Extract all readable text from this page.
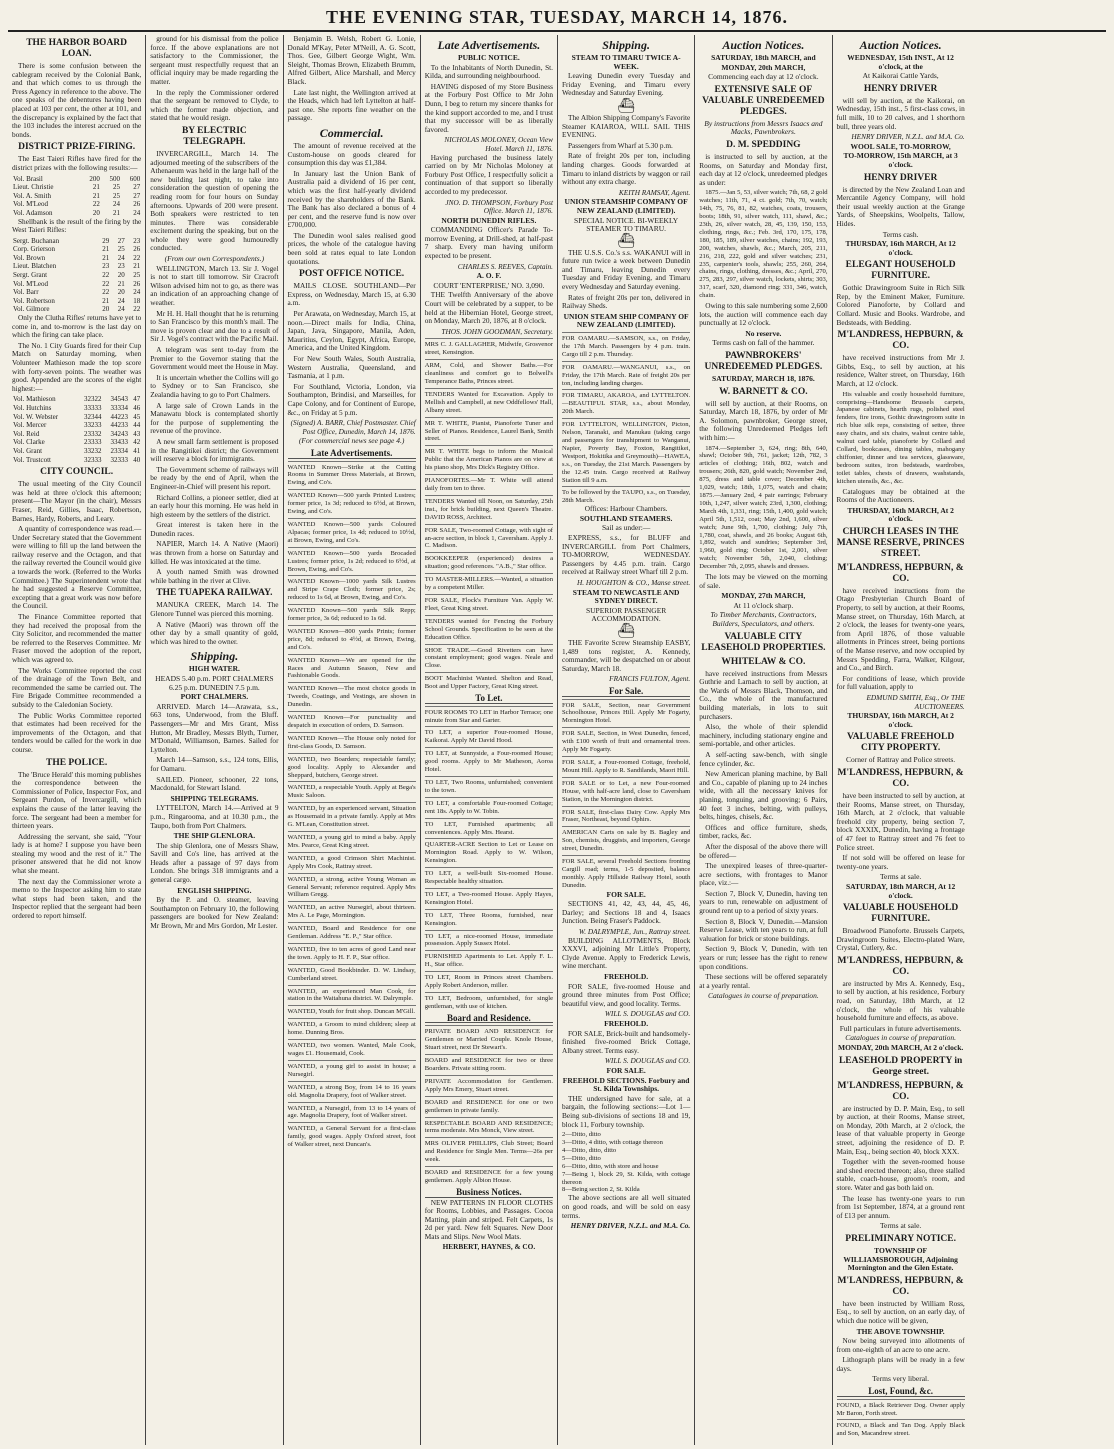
THE EVENING STAR, TUESDAY, MARCH 14, 1876.
THE HARBOR BOARD LOAN.

There is some confusion between the cablegram received by the Colonial Bank, and that which comes to us through the Press Agency in reference to the above. The one speaks of the debentures having been placed at 103 per cent, the other at 101, and the discrepancy is explained by the fact that the 103 includes the interest accrued on the bonds.

DISTRICT PRIZE-FIRING.

The East Taieri Rifles have fired for the district prizes with the following results:—

Vol. Brasil	200	500	600
Lieut. Christie	21	25	27
Vol. A. Smith	21	25	27
Vol. M'Leod	22	24	26
Vol. Adamson	20	21	24

Shellbank is the result of the firing by the West Taieri Rifles:

Sergt. Buchanan	29	27	23
Corp. Grierson	21	25	26
Vol. Brown	21	24	22
Lieut. Blatchen	23	23	21
Sergt. Grant	22	20	25
Vol. M'Leod	22	21	26
Vol. Barr	22	20	24
Vol. Robertson	21	24	18
Vol. Gilmore	20	24	22

Only the Clutha Rifles' returns have yet to come in, and to-morrow is the last day on which the firing can take place.

The No. 1 City Guards fired for their Cup Match on Saturday morning, when Volunteer Mathieson made the top score with forty-seven points. The weather was good. Appended are the scores of the eight highest:—

Vol. Mathieson	32322	34543	47
Vol. Hutchins	33333	33334	46
Vol. W. Webster	32344	44223	45
Vol. Mercer	33233	44233	44
Vol. Reid	23332	34243	43
Vol. Clarke	23333	33433	42
Vol. Grant	33232	23334	41
Vol. Trustcott	32333	32333	40
CITY COUNCIL.

The usual meeting of the City Council was held at three o'clock this afternoon; present—The Mayor (in the chair), Messrs Fraser, Reid, Gillies, Isaac, Robertson, Barnes, Hardy, Roberts, and Leary.

A quantity of correspondence was read.—Under Secretary stated that the Government were willing to fill up the land between the railway reserve and the Octagon, and that the railway reverted the Council would give a towards the work. (Referred to the Works Committee.) The Superintendent wrote that he had suggested a Reserve Committee, excepting that a great work was now before the Council.

The Finance Committee reported that they had received the proposal from the City Solicitor, and recommended the matter be referred to the Reserves Committee. Mr Fraser moved the adoption of the report, which was agreed to.

The Works Committee reported the cost of the drainage of the Town Belt, and recommended the same be carried out. The Fire Brigade Committee recommended a subsidy to the Caledonian Society.

The Public Works Committee reported that estimates had been received for the improvements of the Octagon, and that tenders would be called for the work in due course.

THE POLICE.

The 'Bruce Herald' this morning publishes the correspondence between the Commissioner of Police, Inspector Fox, and Sergeant Purdon, of Invercargill, which explains the cause of the latter leaving the force. The sergeant had been a member for thirteen years.

Addressing the servant, she said, "Your lady is at home? I suppose you have been stealing my wood and the rest of it." The prisoner answered that he did not know what she meant.

The next day the Commissioner wrote a memo to the Inspector asking him to state what steps had been taken, and the Inspector replied that the sergeant had been ordered to report himself.

ground for his dismissal from the police force. If the above explanations are not satisfactory to the Commissioner, the sergeant must respectfully request that an official inquiry may be made regarding the matter.

In the reply the Commissioner ordered that the sergeant be removed to Clyde, to which the former made objection, and stated that he would resign.

BY ELECTRIC TELEGRAPH.

INVERCARGILL, March 14. The adjourned meeting of the subscribers of the Athenaeum was held in the large hall of the new building last night, to take into consideration the question of opening the reading room for four hours on Sunday afternoons. Upwards of 200 were present. Both speakers were restricted to ten minutes. There was considerable excitement during the speaking, but on the whole they were good humouredly conducted.

(From our own Correspondents.)

WELLINGTON, March 13. Sir J. Vogel is not to start till tomorrow. Sir Cracroft Wilson advised him not to go, as there was an indication of an approaching change of weather.

Mr H. H. Hall thought that he is returning to San Francisco by this month's mail. The move is proven clear and due to a result of Sir J. Vogel's contract with the Pacific Mail.

A telegram was sent to-day from the Premier to the Governor stating that the Government would meet the House in May.

It is uncertain whether the Collins will go to Sydney or to San Francisco, she Zealandia having to go to Port Chalmers.

A large sale of Crown Lands in the Manawatu block is contemplated shortly for the purpose of supplementing the revenue of the province.

A new small farm settlement is proposed in the Rangitikei district; the Government will reserve a block for immigrants.

The Government scheme of railways will be ready by the end of April, when the Engineer-in-Chief will present his report.

Richard Collins, a pioneer settler, died at an early hour this morning. He was held in high esteem by the settlers of the district.

Great interest is taken here in the Dunedin races.

NAPIER, March 14. A Native (Maori) was thrown from a horse on Saturday and killed. He was intoxicated at the time.

A youth named Smith was drowned while bathing in the river at Clive.

THE TUAPEKA RAILWAY.

MANUKA CREEK, March 14. The Glenore Tunnel was pierced this morning.

A Native (Maori) was thrown off the other day by a small quantity of gold, which was hired to the owner.

Shipping.
HIGH WATER.
HEADS 5.40 p.m. PORT CHALMERS 6.25 p.m. DUNEDIN 7.5 p.m.
PORT CHALMERS.

ARRIVED. March 14—Arawata, s.s., 663 tons, Underwood, from the Bluff. Passengers—Mr and Mrs Grant, Miss Hutton, Mr Bradley, Messrs Blyth, Turner, M'Donald, Williamson, Barnes. Sailed for Lyttelton.

March 14—Samson, s.s., 124 tons, Ellis, for Oamaru.

SAILED. Pioneer, schooner, 22 tons, Macdonald, for Stewart Island.

SHIPPING TELEGRAMS.

LYTTELTON, March 14.—Arrived at 9 p.m., Ringarooma, and at 10.30 p.m., the Taupo, both from Port Chalmers.

THE SHIP GLENLORA.

The ship Glenlora, one of Messrs Shaw, Savill and Co's line, has arrived at the Heads after a passage of 97 days from London. She brings 318 immigrants and a general cargo.

ENGLISH SHIPPING.

By the P. and O. steamer, leaving Southampton on February 10, the following passengers are booked for New Zealand: Mr Brown, Mr and Mrs Gordon, Mr Lester.

Benjamin B. Welsh, Robert G. Lonie, Donald M'Kay, Peter M'Neill, A. G. Scott, Thos. Gee, Gilbert George Wight, Wm. Sleight, Thomas Brown, Elizabeth Brumm, Alfred Gilbert, Alice Marshall, and Mercy Black.

Late last night, the Wellington arrived at the Heads, which had left Lyttelton at half-past one. She reports fine weather on the passage.

Commercial.

The amount of revenue received at the Custom-house on goods cleared for consumption this day was £1,384.

In January last the Union Bank of Australia paid a dividend of 16 per cent, which was the first half-yearly dividend received by the shareholders of the Bank. The Bank has also declared a bonus of 4 per cent, and the reserve fund is now over £700,000.

The Dunedin wool sales realised good prices, the whole of the catalogue having been sold at rates equal to late London quotations.

POST OFFICE NOTICE.

MAILS CLOSE. SOUTHLAND—Per Express, on Wednesday, March 15, at 6.30 a.m.

Per Arawata, on Wednesday, March 15, at noon.—Direct mails for India, China, Japan, Java, Singapore, Manila, Aden, Mauritius, Ceylon, Egypt, Africa, Europe, America, and the United Kingdom.

For New South Wales, South Australia, Western Australia, Queensland, and Tasmania, at 1 p.m.

For Southland, Victoria, London, via Southampton, Brindisi, and Marseilles, for Cape Colony, and for Continent of Europe, &c., on Friday at 5 p.m.

(Signed) A. BARR, Chief Postmaster. Chief Post Office, Dunedin, March 14, 1876.
(For commercial news see page 4.)
Late Advertisements.
WANTED Known—Strike at the Cutting Rooms in Summer Dress Materials, at Brown, Ewing, and Co's.
WANTED Known—500 yards Printed Lustres; former price, 1s 3d; reduced to 6½d, at Brown, Ewing, and Co's.
WANTED Known—500 yards Coloured Alpacas; former price, 1s 4d; reduced to 10½d, at Brown, Ewing, and Co's.
WANTED Known—500 yards Brocaded Lustres; former price, 1s 2d; reduced to 6½d, at Brown, Ewing, and Co's.
WANTED Known—1000 yards Silk Lustres and Stripe Crape Cloth; former price, 2s; reduced to 1s 6d, at Brown, Ewing, and Co's.
WANTED Known—500 yards Silk Repp; former price, 3s 6d; reduced to 1s 6d.
WANTED Known—800 yards Prints; former price, 8d; reduced to 4½d, at Brown, Ewing, and Co's.
WANTED Known—We are opened for the Races and Autumn Season, New and Fashionable Goods.
WANTED Known—The most choice goods in Tweeds, Coatings, and Vestings, are shown in Dunedin.
WANTED Known—For punctuality and despatch in execution of orders, D. Samson.
WANTED Known—The House only noted for first-class Goods, D. Samson.
WANTED, two Boarders; respectable family; good locality. Apply to Alexander and Sheppard, butchers, George street.
WANTED, a respectable Youth. Apply at Bega's Music Saloon.
WANTED, by an experienced servant, Situation as Housemaid in a private family. Apply at Mrs G. M'Lean, Constitution street.
WANTED, a young girl to mind a baby. Apply Mrs. Pearce, Great King street.
WANTED, a good Crimson Shirt Machinist. Apply Mrs Cook, Rattray street.
WANTED, a strong, active Young Woman as General Servant; reference required. Apply Mrs William Gregg.
WANTED, an active Nursegirl, about thirteen. Mrs A. Le Page, Mornington.
WANTED, Board and Residence for one Gentleman. Address "E. P.," Star office.
WANTED, five to ten acres of good Land near the town. Apply to H. F. P., Star office.
WANTED, Good Bookbinder. D. W. Lindsay, Cumberland street.
WANTED, an experienced Man Cook, for station in the Waitahuna district. W. Dalrymple.
WANTED, Youth for fruit shop. Duncan M'Gill.
WANTED, a Groom to mind children; sleep at home. Dunning Bros.
WANTED, two women. Wanted, Male Cook, wages £1. Housemaid, Cook.
WANTED, a young girl to assist in house; a Nursegirl.
WANTED, a strong Boy, from 14 to 16 years old. Magnolia Drapery, foot of Walker street.
WANTED, a Nursegirl, from 13 to 14 years of age. Magnolia Drapery, foot of Walker street.
WANTED, a General Servant for a first-class family, good wages. Apply Oxford street, foot of Walker street, next Duncan's.
Late Advertisements.
PUBLIC NOTICE.

To the Inhabitants of North Dunedin, St. Kilda, and surrounding neighbourhood.

HAVING disposed of my Store Business at the Forbury Post Office to Mr John Dunn, I beg to return my sincere thanks for the kind support accorded to me, and I trust that my successor will be as liberally favored.

NICHOLAS MOLONEY, Ocean View Hotel. March 11, 1876.

Having purchased the business lately carried on by Mr Nicholas Moloney at Forbury Post Office, I respectfully solicit a continuation of that support so liberally accorded to my predecessor.

JNO. D. THOMPSON, Forbury Post Office. March 11, 1876.
NORTH DUNEDIN RIFLES.

COMMANDING Officer's Parade To-morrow Evening, at Drill-shed, at half-past 7 sharp. Every man having uniform expected to be present.

CHARLES S. REEVES, Captain.
A. O. F.
COURT 'ENTERPRISE,' NO. 3,090.

THE Twelfth Anniversary of the above Court will be celebrated by a supper, to be held at the Hibernian Hotel, George street, on Monday, March 20, 1876, at 8 o'clock.

THOS. JOHN GOODMAN, Secretary.
MRS C. J. GALLAGHER, Midwife, Grosvenor street, Kensington.
ARM, Cold, and Shower Baths.—For cleanliness and comfort go to Bolwell's Temperance Baths, Princes street.
TENDERS Wanted for Excavation. Apply to Mellish and Campbell, at new Oddfellows' Hall, Albany street.
MR T. WHITE, Pianist, Pianoforte Tuner and Seller of Pianos. Residence, Laurel Bank, Smith street.
MR T. WHITE begs to inform the Musical Public that the American Pianos are on view at his piano shop, Mrs Dick's Registry Office.
PIANOFORTES.—Mr T. White will attend daily from ten to three.
TENDERS Wanted till Noon, on Saturday, 25th inst., for brick building, next Queen's Theatre. DAVID ROSS, Architect.
FOR SALE, Two-roomed Cottage, with sight of an-acre section, in block 1, Caversham. Apply J. C. Madison.
BOOKKEEPER (experienced) desires a situation; good references. "A.B.," Star office.
TO MASTER-MILLERS.—Wanted, a situation by a competent Miller.
FOR SALE, Flock's Furniture Van. Apply W. Fleet, Great King street.
TENDERS wanted for Fencing the Forbury School Grounds. Specification to be seen at the Education Office.
SHOE TRADE.—Good Rivetters can have constant employment; good wages. Neale and Close.
BOOT Machinist Wanted. Shelton and Read, Boot and Upper Factory, Great King street.
To Let.
FOUR ROOMS TO LET in Harbor Terrace; one minute from Star and Garter.
TO LET, a superior Four-roomed House, Kaikorai. Apply Mr David Hood.
TO LET, at Sunnyside, a Four-roomed House; good rooms. Apply to Mr Matheson, Aoroa Hotel.
TO LET, Two Rooms, unfurnished; convenient to the town.
TO LET, a comfortable Four-roomed Cottage; rent 18s. Apply to W. Tobin.
TO LET, Furnished apartments; all conveniences. Apply Mrs. Hearst.
QUARTER-ACRE Section to Let or Lease on Mornington Road. Apply to W. Wilson, Kensington.
TO LET, a well-built Six-roomed House. Respectable healthy situation.
TO LET, a Two-roomed House. Apply Hayes, Kensington Hotel.
TO LET, Three Rooms, furnished, near Kensington.
TO LET, a nice-roomed House, immediate possession. Apply Sussex Hotel.
FURNISHED Apartments to Let. Apply F. L. H., Star office.
TO LET, Room in Princes street Chambers. Apply Robert Anderson, miller.
TO LET, Bedroom, unfurnished, for single gentleman, with use of kitchen.
Board and Residence.
PRIVATE BOARD AND RESIDENCE for Gentlemen or Married Couple. Knole House, Stuart street, next Dr Stewart's.
BOARD and RESIDENCE for two or three Boarders. Private sitting room.
PRIVATE Accommodation for Gentlemen. Apply Mrs Emery, Stuart street.
BOARD and RESIDENCE for one or two gentlemen in private family.
RESPECTABLE BOARD AND RESIDENCE; terms moderate. Mrs Monck, View street.
MRS OLIVER PHILLIPS, Club Street; Board and Residence for Single Men. Terms—26s per week.
BOARD and RESIDENCE for a few young gentlemen. Apply Albion House.
Business Notices.

NEW PATTERNS IN FLOOR CLOTHS for Rooms, Lobbies, and Passages. Cocoa Matting, plain and striped. Felt Carpets, 1s 2d per yard. New felt Squares. New Door Mats and Slips. New Wool Mats.

HERBERT, HAYNES, & CO.
Shipping.
STEAM TO TIMARU TWICE A-WEEK.

Leaving Dunedin every Tuesday and Friday Evening, and Timaru every Wednesday and Saturday Evening.

⛴

The Albion Shipping Company's Favorite Steamer KAIAROA, WILL SAIL THIS EVENING.

Passengers from Wharf at 5.30 p.m.

Rate of freight 20s per ton, including landing charges. Goods forwarded at Timaru to inland districts by waggon or rail without any extra charge.

KEITH RAMSAY, Agent.
UNION STEAMSHIP COMPANY OF NEW ZEALAND (LIMITED).
SPECIAL NOTICE. BI-WEEKLY STEAMER TO TIMARU.
⛴

THE U.S.S. Co.'s s.s. WAKANUI will in future run twice a week between Dunedin and Timaru, leaving Dunedin every Tuesday and Friday Evening, and Timaru every Wednesday and Saturday evening.

Rates of freight 20s per ton, delivered in Railway Sheds.

UNION STEAM SHIP COMPANY OF NEW ZEALAND (LIMITED).
FOR OAMARU.—SAMSON, s.s., on Friday, the 17th March. Passengers by 4 p.m. train. Cargo till 2 p.m. Thursday.
FOR OAMARU.—WANGANUI, s.s., on Friday, the 17th March. Rate of freight 20s per ton, including landing charges.
FOR TIMARU, AKAROA, and LYTTELTON.—BEAUTIFUL STAR, s.s., about Monday, 20th March.
FOR LYTTELTON, WELLINGTON, Picton, Nelson, Taranaki, and Manukau (taking cargo and passengers for transhipment to Wanganui, Napier, Poverty Bay, Foxton, Rangitikei, Westport, Hokitika and Greymouth)—HAWEA, s.s., on Tuesday, the 21st March. Passengers by the 12.45 train. Cargo received at Railway Station till 9 a.m.
To be followed by the TAUPO, s.s., on Tuesday, 28th March.
Offices: Harbour Chambers.
SOUTHLAND STEAMERS.
Sail as under:—

EXPRESS, s.s., for BLUFF and INVERCARGILL from Port Chalmers, TO-MORROW, WEDNESDAY. Passengers by 4.45 p.m. train. Cargo received at Railway street Wharf till 2 p.m.

H. HOUGHTON & CO., Manse street.
STEAM TO NEWCASTLE AND SYDNEY DIRECT.
SUPERIOR PASSENGER ACCOMMODATION.
⛴

THE Favorite Screw Steamship EASBY, 1,489 tons register, A. Kennedy, commander, will be despatched on or about Saturday, March 18.

FRANCIS FULTON, Agent.
For Sale.
FOR SALE, Section, near Government Schoolhouse, Princes Hill. Apply Mr Fogarty, Mornington Hotel.
FOR SALE, Section, in West Dunedin, fenced, with £100 worth of fruit and ornamental trees. Apply Mr Fogarty.
FOR SALE, a Four-roomed Cottage, freehold, Mount Hill. Apply to R. Sandilands, Maori Hill.
FOR SALE or to Let, a new Four-roomed House, with half-acre land, close to Caversham Station, in the Mornington district.
FOR SALE, first-class Dairy Cow. Apply Mrs Fraser, Northeast, beyond Ophirs.
AMERICAN Carts on sale by B. Bagley and Son, chemists, druggists, and importers, George street, Dunedin.
FOR SALE, several Freehold Sections fronting Cargill road; terms, 1-5 deposited, balance monthly. Apply Hillside Railway Hotel, south Dunedin.
FOR SALE.

SECTIONS 41, 42, 43, 44, 45, 46, Darley; and Sections 18 and 4, Isaacs Junction. Being Fraser's Paddock.

W. DALRYMPLE, Jun., Rattray street.

BUILDING ALLOTMENTS, Block XXXVI, adjoining Mr Little's Property, Clyde Avenue. Apply to Frederick Lewis, wine merchant.

FREEHOLD.

FOR SALE, five-roomed House and ground three minutes from Post Office; beautiful view, and good locality. Terms.

WILL S. DOUGLAS and CO.
FREEHOLD.

FOR SALE, Brick-built and handsomely-finished five-roomed Brick Cottage, Albany street. Terms easy.

WILL S. DOUGLAS and CO.
FOR SALE.
FREEHOLD SECTIONS. Forbury and St. Kilda Townships.

THE undersigned have for sale, at a bargain, the following sections:—Lot 1—Being sub-divisions of sections 18 and 19, block 11, Forbury township.

2—Ditto, ditto
3—Ditto, 4 ditto, with cottage thereon
4—Ditto, ditto, ditto
5—Ditto, ditto
6—Ditto, ditto, with store and house
7—Being 1, block 29, St. Kilda, with cottage thereon
8—Being section 2, St. Kilda

The above sections are all well situated on good roads, and will be sold on easy terms.

HENRY DRIVER, N.Z.L. and M.A. Co.
Auction Notices.
SATURDAY, 18th MARCH, and
MONDAY, 20th MARCH,
Commencing each day at 12 o'clock.
EXTENSIVE SALE OF VALUABLE UNREDEEMED PLEDGES.
By instructions from Messrs Isaacs and Macks, Pawnbrokers.
D. M. SPEDDING

is instructed to sell by auction, at the Rooms, on Saturday and Monday first, each day at 12 o'clock, unredeemed pledges as under:

1875.—Jan 5, 53, silver watch; 7th, 68, 2 gold watches; 11th, 71, 4 ct. gold; 7th, 70, watch; 14th, 75, 76, 81, 82, watches, coats, trousers, boots; 18th, 91, silver watch, 111, shawl, &c.; 23th, 26, silver watch, 28, 45, 139, 150, 153, clothing, rings, &c.; Feb. 3rd, 170, 175, 178, 180, 185, 189, silver watches, chains; 192, 193, 200, watches, shawls, &c.; March, 205, 211, 216, 218, 222, gold and silver watches; 231, 235, carpenter's tools, shawls; 255, 260, 264, chains, rings, clothing, dresses, &c.; April, 270, 275, 283, 297, silver watch, lockets, shirts; 303, 317, scarf, 320, diamond ring; 331, 346, watch, chain.

Owing to this sale numbering some 2,600 lots, the auction will commence each day punctually at 12 o'clock.

No reserve.
Terms cash on fall of the hammer.
PAWNBROKERS' UNREDEEMED PLEDGES.
SATURDAY, MARCH 18, 1876.
W. BARNETT & CO.

will sell by auction, at their Rooms, on Saturday, March 18, 1876, by order of Mr A. Solomon, pawnbroker, George street, the following Unredeemed Pledges left with him:—

1874.—September 3, 624, ring; 8th, 640, shawl; October 9th, 761, jacket; 12th, 782, 3 articles of clothing; 16th, 802, watch and trousers; 26th, 820, gold watch; November 2nd, 875, dress and table cover; December 4th, 1,029, watch; 18th, 1,075, watch and chain; 1875.—January 2nd, 4 pair earrings; February 10th, 1,247, silver watch; 23rd, 1,300, clothing; March 4th, 1,331, ring; 15th, 1,400, gold watch; April 5th, 1,512, coat; May 2nd, 1,600, silver watch; June 9th, 1,700, clothing; July 7th, 1,780, coat, shawls, and 26 books; August 6th, 1,892, watch and sundries; September 3rd, 1,960, gold ring; October 1st, 2,001, silver watch; November 5th, 2,040, clothing; December 7th, 2,095, shawls and dresses.

The lots may be viewed on the morning of sale.

MONDAY, 27th MARCH,
At 11 o'clock sharp.
To Timber Merchants, Contractors, Builders, Speculators, and others.
VALUABLE CITY LEASEHOLD PROPERTIES.
WHITELAW & CO.

have received instructions from Messrs Guthrie and Larnach to sell by auction, at the Wards of Messrs Black, Thomson, and Co., the whole of the manufactured building materials, in lots to suit purchasers.

Also, the whole of their splendid machinery, including stationary engine and semi-portable, and other articles.

A self-acting saw-bench, with single fence cylinder, &c.

New American planing machine, by Ball and Co., capable of planing up to 24 inches wide, with all the necessary knives for planing, tonguing, and grooving; 6 Pairs, 40 feet 3 inches, belting, with pulleys, belts, hinges, chisels, &c.

Offices and office furniture, sheds, timber, racks, &c.

After the disposal of the above there will be offered—

The unexpired leases of three-quarter-acre sections, with frontages to Manor place, viz.:—

Section 7, Block V, Dunedin, having ten years to run, renewable on adjustment of ground rent up to a period of sixty years.

Section 8, Block V, Dunedin.—Mansion Reserve Lease, with ten years to run, at full valuation for brick or stone buildings.

Section 9, Block V, Dunedin, with ten years or run; lessee has the right to renew upon conditions.

These sections will be offered separately at a yearly rental.

Catalogues in course of preparation.
Auction Notices.
WEDNESDAY, 15th INST., At 12 o'clock, at the
At Kaikorai Cattle Yards,
HENRY DRIVER

will sell by auction, at the Kaikorai, on Wednesday, 15th inst., 5 first-class cows, in full milk, 10 to 20 calves, and 1 shorthorn bull, three years old.

HENRY DRIVER, N.Z.L. and M.A. Co.
WOOL SALE, TO-MORROW,
TO-MORROW, 15th MARCH, at 3 o'clock.
HENRY DRIVER

is directed by the New Zealand Loan and Mercantile Agency Company, will hold their usual weekly auction at the Grange Yards, of Sheepskins, Woolpelts, Tallow, Hides.

Terms cash.
THURSDAY, 16th MARCH, At 12 o'clock.
ELEGANT HOUSEHOLD FURNITURE.

Gothic Drawingroom Suite in Rich Silk Rep, by the Eminent Maker, Furniture. Colored Pianoforte, by Collard and Collard. Music and Books. Wardrobe, and Bedsteads, with Bedding.

M'LANDRESS, HEPBURN, & CO.

have received instructions from Mr J. Gibbs, Esq., to sell by auction, at his residence, Walter street, on Thursday, 16th March, at 12 o'clock.

His valuable and costly household furniture, comprising—Handsome Brussels carpets, Japanese cabinets, hearth rugs, polished steel fenders, fire irons, Gothic drawingroom suite in rich blue silk reps, consisting of settee, three easy chairs, and six chairs, walnut centre table, walnut card table, pianoforte by Collard and Collard, bookcases, dining tables, mahogany chiffonier, dinner and tea services, glassware, bedroom suites, iron bedsteads, wardrobes, toilet tables, chests of drawers, washstands, kitchen utensils, &c., &c.

Catalogues may be obtained at the Rooms of the Auctioneers.

THURSDAY, 16th MARCH, At 2 o'clock.
CHURCH LEASES IN THE MANSE RESERVE, PRINCES STREET.
M'LANDRESS, HEPBURN, & CO.

have received instructions from the Otago Presbyterian Church Board of Property, to sell by auction, at their Rooms, Manse street, on Thursday, 16th March, at 2 o'clock, the leases for twenty-one years, from April 1876, of those valuable allotments in Princes street, being portions of the Manse reserve, and now occupied by Messrs Spedding, Farra, Walker, Kilgour, and Co., and Birch.

For conditions of lease, which provide for full valuation, apply to

EDMUND SMITH, Esq., Or THE AUCTIONEERS.
THURSDAY, 16th MARCH, At 2 o'clock.
VALUABLE FREEHOLD CITY PROPERTY.
Corner of Rattray and Police streets.
M'LANDRESS, HEPBURN, & CO.

have been instructed to sell by auction, at their Rooms, Manse street, on Thursday, 16th March, at 2 o'clock, that valuable freehold city property, being section 7, block XXXIX, Dunedin, having a frontage of 47 feet to Rattray street and 76 feet to Police street.

If not sold will be offered on lease for twenty-one years.

Terms at sale.
SATURDAY, 18th MARCH, At 12 o'clock.
VALUABLE HOUSEHOLD FURNITURE.

Broadwood Pianoforte. Brussels Carpets, Drawingroom Suites, Electro-plated Ware, Crystal, Cutlery, &c.

M'LANDRESS, HEPBURN, & CO.

are instructed by Mrs A. Kennedy, Esq., to sell by auction, at his residence, Forbury road, on Saturday, 18th March, at 12 o'clock, the whole of his valuable household furniture and effects, as above.

Full particulars in future advertisements.
Catalogues in course of preparation.
MONDAY, 20th MARCH, At 2 o'clock.
LEASEHOLD PROPERTY in George street.
M'LANDRESS, HEPBURN, & CO.

are instructed by D. P. Main, Esq., to sell by auction, at their Rooms, Manse street, on Monday, 20th March, at 2 o'clock, the lease of that valuable property in George street, adjoining the residence of D. P. Main, Esq., being section 40, block XXX.

Together with the seven-roomed house and shed erected thereon; also, three stalled stable, coach-house, groom's room, and store. Water and gas both laid on.

The lease has twenty-one years to run from 1st September, 1874, at a ground rent of £13 per annum.

Terms at sale.
PRELIMINARY NOTICE.
TOWNSHIP OF WILLIAMSBOROUGH, Adjoining Mornington and the Glen Estate.
M'LANDRESS, HEPBURN, & CO.

have been instructed by William Ross, Esq., to sell by auction, on an early day, of which due notice will be given,

THE ABOVE TOWNSHIP.

Now being surveyed into allotments of from one-eighth of an acre to one acre.

Lithograph plans will be ready in a few days.

Terms very liberal.
Lost, Found, &c.
FOUND, a Black Retriever Dog. Owner apply Mr Baron, Forth street.
FOUND, a Black and Tan Dog. Apply Black and Son, Macandrew street.
